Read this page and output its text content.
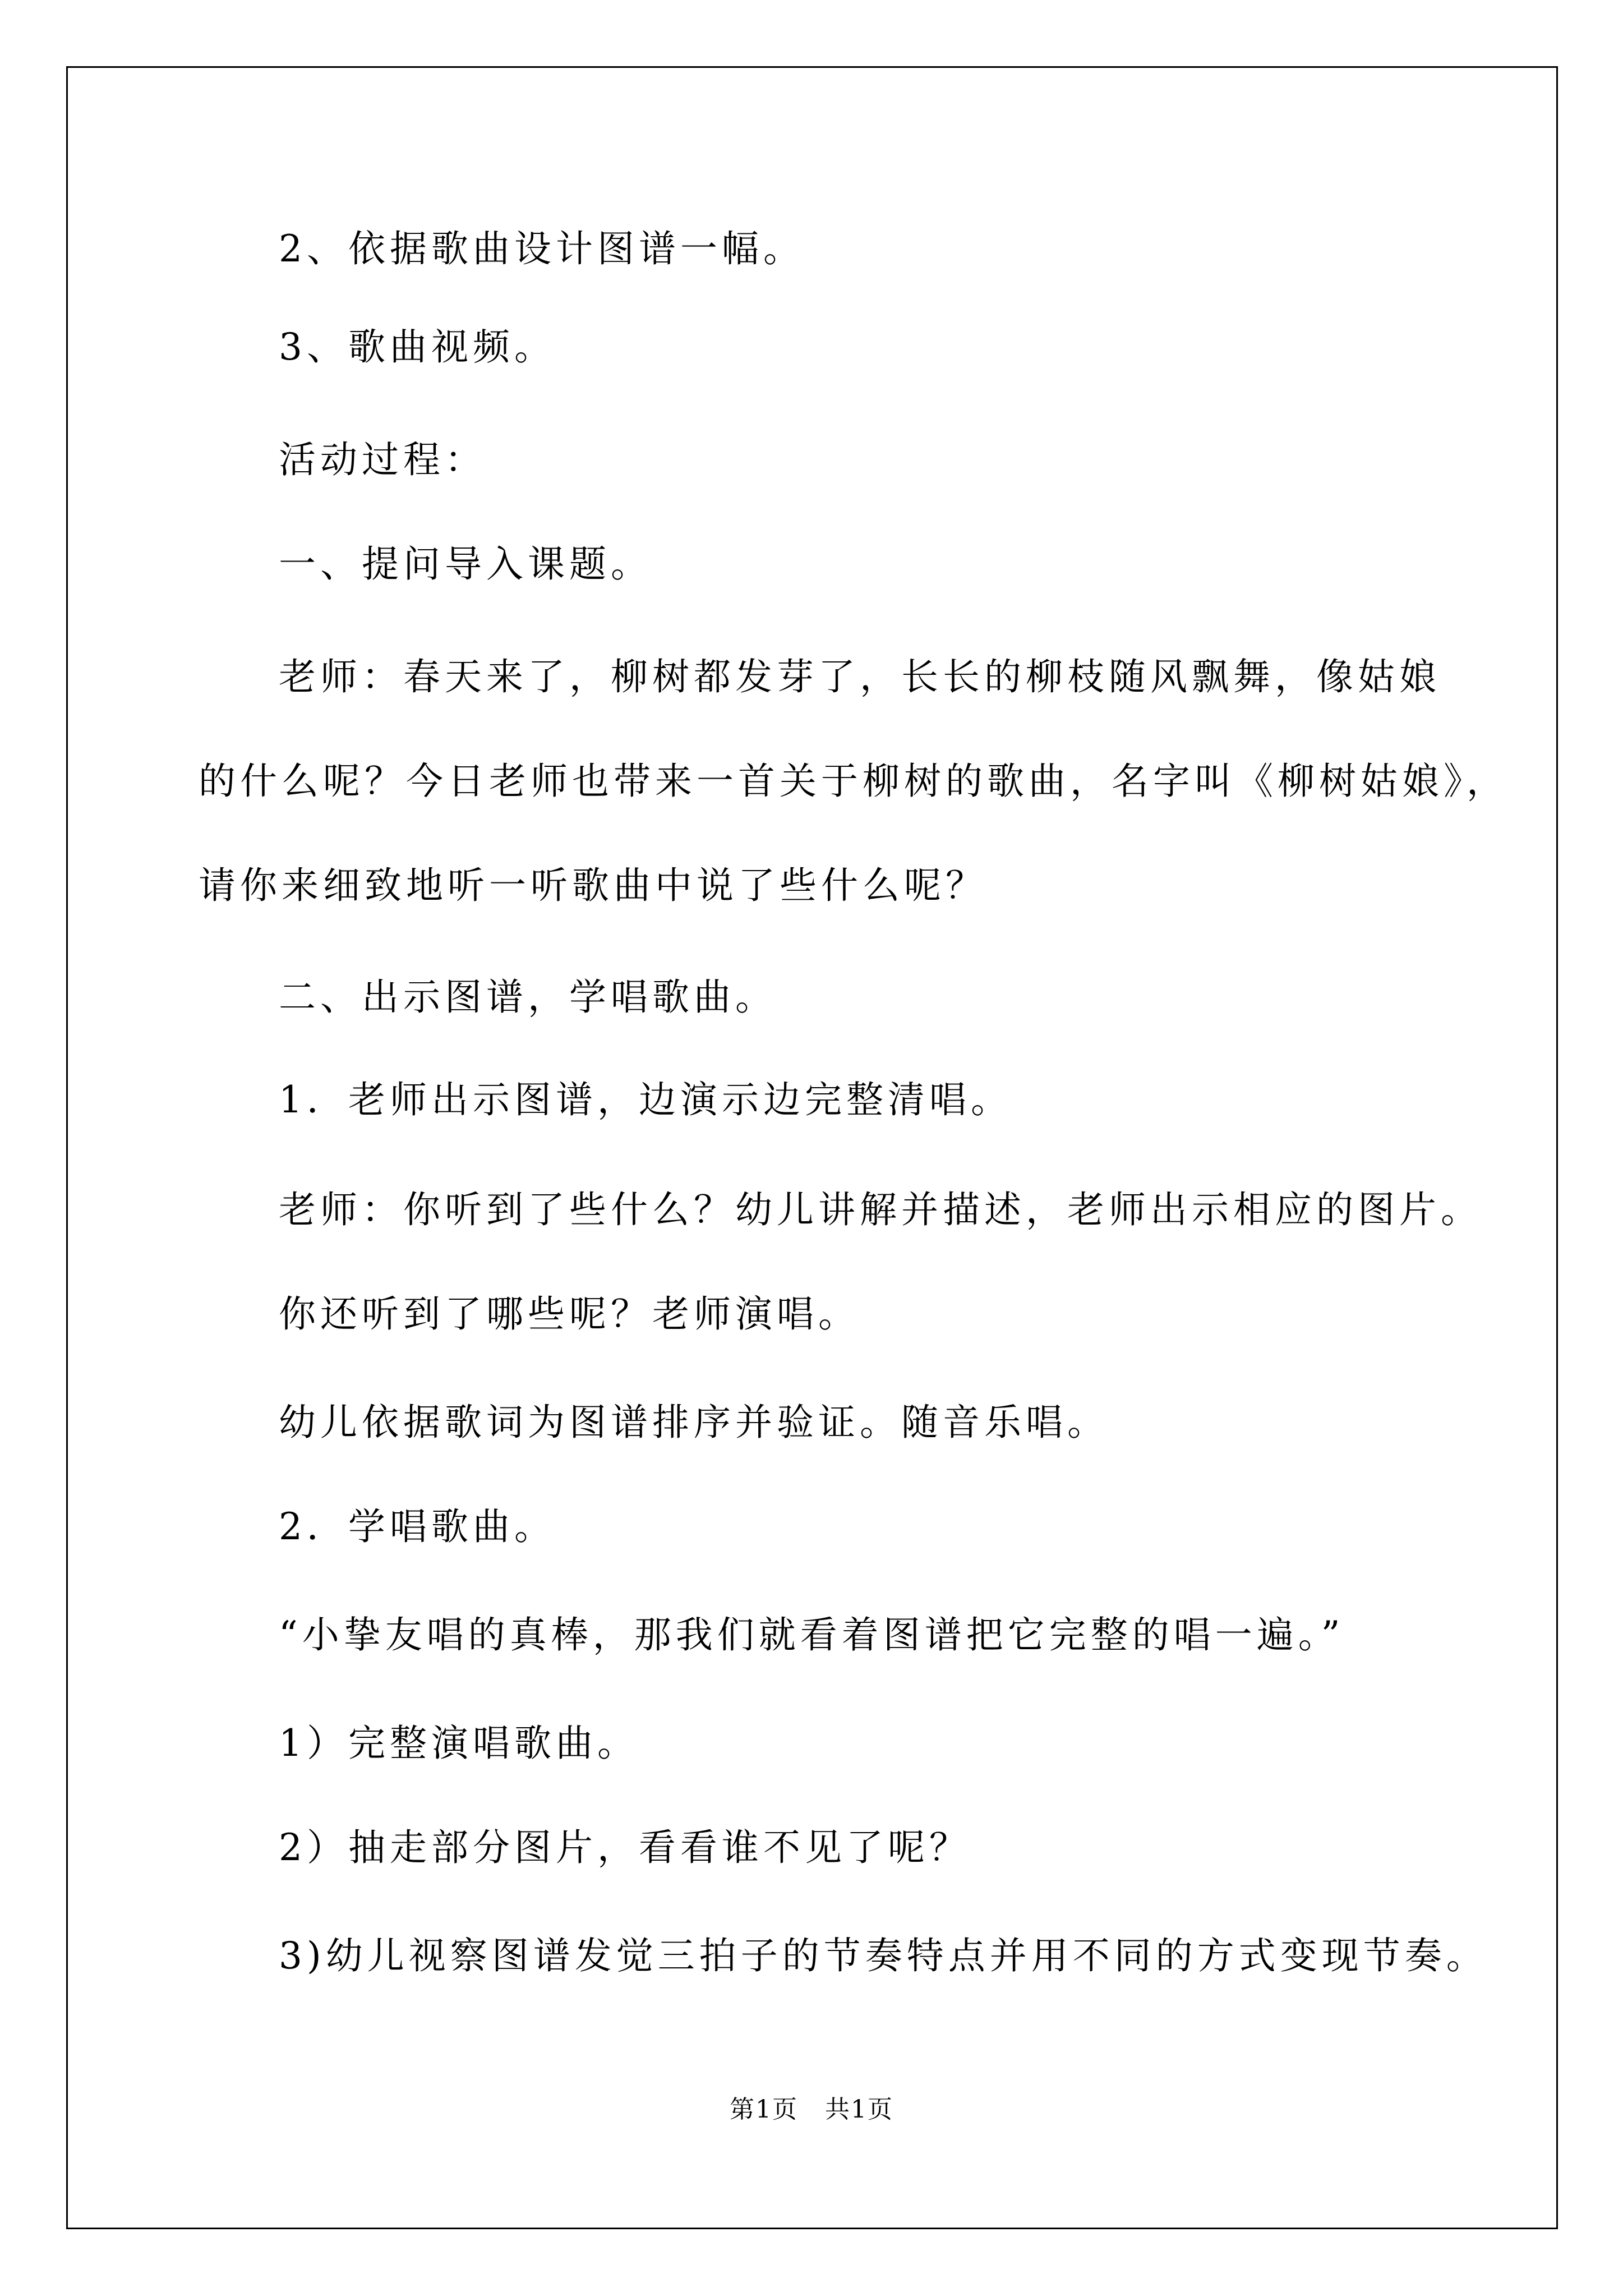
2、依据歌曲设计图谱一幅。

3、歌曲视频。

活动过程：

一、提问导入课题。

老师：春天来了，柳树都发芽了，长长的柳枝随风飘舞，像姑娘

的什么呢？今日老师也带来一首关于柳树的歌曲，名字叫《柳树姑娘》，

请你来细致地听一听歌曲中说了些什么呢？

二、出示图谱，学唱歌曲。

1．老师出示图谱，边演示边完整清唱。

老师：你听到了些什么？幼儿讲解并描述，老师出示相应的图片。

你还听到了哪些呢？老师演唱。

幼儿依据歌词为图谱排序并验证。随音乐唱。

2．学唱歌曲。

“小挚友唱的真棒，那我们就看着图谱把它完整的唱一遍。”

1）完整演唱歌曲。

2）抽走部分图片，看看谁不见了呢？

3)幼儿视察图谱发觉三拍子的节奏特点并用不同的方式变现节奏。

第1页   共1页
